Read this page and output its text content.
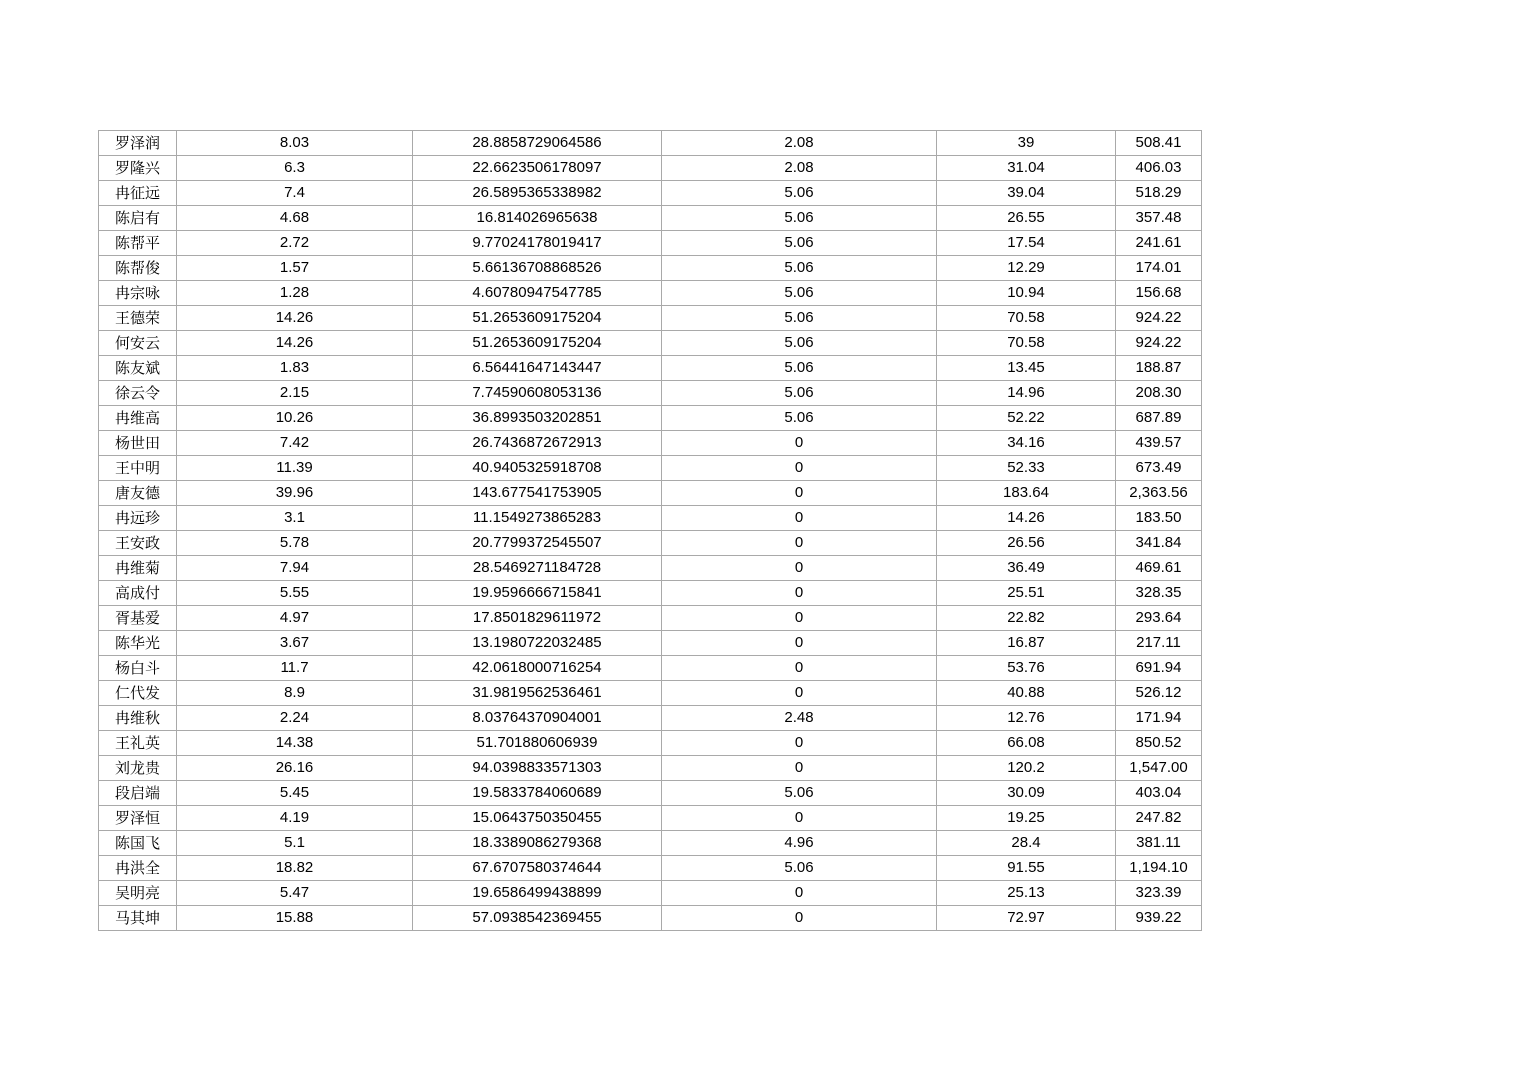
罗泽润	8.03	28.8858729064586	2.08	39	508.41
罗隆兴	6.3	22.6623506178097	2.08	31.04	406.03
冉征远	7.4	26.5895365338982	5.06	39.04	518.29
陈启有	4.68	16.814026965638	5.06	26.55	357.48
陈帮平	2.72	9.77024178019417	5.06	17.54	241.61
陈帮俊	1.57	5.66136708868526	5.06	12.29	174.01
冉宗咏	1.28	4.60780947547785	5.06	10.94	156.68
王德荣	14.26	51.2653609175204	5.06	70.58	924.22
何安云	14.26	51.2653609175204	5.06	70.58	924.22
陈友斌	1.83	6.56441647143447	5.06	13.45	188.87
徐云令	2.15	7.74590608053136	5.06	14.96	208.30
冉维高	10.26	36.8993503202851	5.06	52.22	687.89
杨世田	7.42	26.7436872672913	0	34.16	439.57
王中明	11.39	40.9405325918708	0	52.33	673.49
唐友德	39.96	143.677541753905	0	183.64	2,363.56
冉远珍	3.1	11.1549273865283	0	14.26	183.50
王安政	5.78	20.7799372545507	0	26.56	341.84
冉维菊	7.94	28.5469271184728	0	36.49	469.61
高成付	5.55	19.9596666715841	0	25.51	328.35
胥基爱	4.97	17.8501829611972	0	22.82	293.64
陈华光	3.67	13.1980722032485	0	16.87	217.11
杨白斗	11.7	42.0618000716254	0	53.76	691.94
仁代发	8.9	31.9819562536461	0	40.88	526.12
冉维秋	2.24	8.03764370904001	2.48	12.76	171.94
王礼英	14.38	51.701880606939	0	66.08	850.52
刘龙贵	26.16	94.0398833571303	0	120.2	1,547.00
段启端	5.45	19.5833784060689	5.06	30.09	403.04
罗泽恒	4.19	15.0643750350455	0	19.25	247.82
陈国飞	5.1	18.3389086279368	4.96	28.4	381.11
冉洪全	18.82	67.6707580374644	5.06	91.55	1,194.10
吴明亮	5.47	19.6586499438899	0	25.13	323.39
马其坤	15.88	57.0938542369455	0	72.97	939.22
